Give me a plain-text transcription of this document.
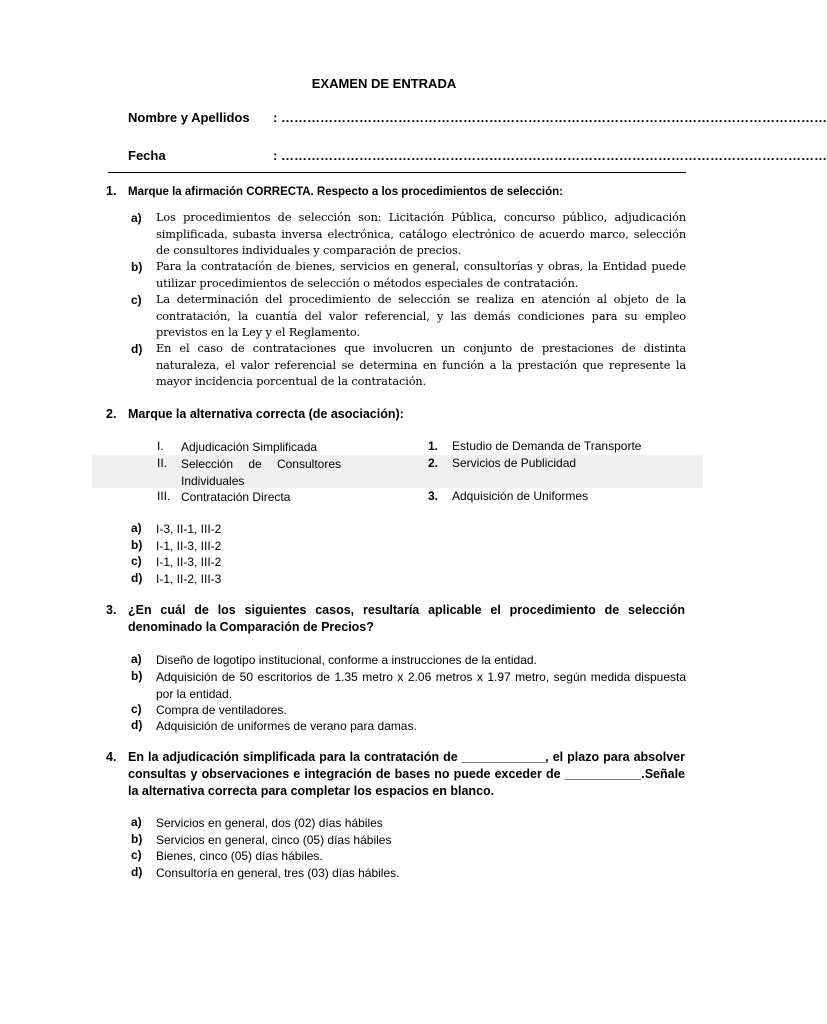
EXAMEN DE ENTRADA
Nombre y Apellidos : ………………………………………………………………………………………………………………
Fecha	: ………………………………………………………………………………………………………………
1. Marque la afirmación CORRECTA. Respecto a los procedimientos de selección:
a) Los procedimientos de selección son: Licitación Pública, concurso público, adjudicación simplificada, subasta inversa electrónica, catálogo electrónico de acuerdo marco, selección de consultores individuales y comparación de precios.
b) Para la contratación de bienes, servicios en general, consultorías y obras, la Entidad puede utilizar procedimientos de selección o métodos especiales de contratación.
c) La determinación del procedimiento de selección se realiza en atención al objeto de la contratación, la cuantía del valor referencial, y las demás condiciones para su empleo previstos en la Ley y el Reglamento.
d) En el caso de contrataciones que involucren un conjunto de prestaciones de distinta naturaleza, el valor referencial se determina en función a la prestación que represente la mayor incidencia porcentual de la contratación.
2. Marque la alternativa correcta (de asociación):
I. Adjudicación Simplificada
II. Selección de Consultores Individuales
III. Contratación Directa
1. Estudio de Demanda de Transporte
2. Servicios de Publicidad
3. Adquisición de Uniformes
a) I-3, II-1, III-2
b) I-1, II-3, III-2
c) I-1, II-3, III-2
d) I-1, II-2, III-3
3. ¿En cuál de los siguientes casos, resultaría aplicable el procedimiento de selección denominado la Comparación de Precios?
a) Diseño de logotipo institucional, conforme a instrucciones de la entidad.
b) Adquisición de 50 escritorios de 1.35 metro x 2.06 metros x 1.97 metro, según medida dispuesta por la entidad.
c) Compra de ventiladores.
d) Adquisición de uniformes de verano para damas.
4. En la adjudicación simplificada para la contratación de ____________, el plazo para absolver consultas y observaciones e integración de bases no puede exceder de ___________.Señale la alternativa correcta para completar los espacios en blanco.
a) Servicios en general, dos (02) días hábiles
b) Servicios en general, cinco (05) días hábiles
c) Bienes, cinco (05) días hábiles.
d) Consultoría en general, tres (03) días hábiles.
